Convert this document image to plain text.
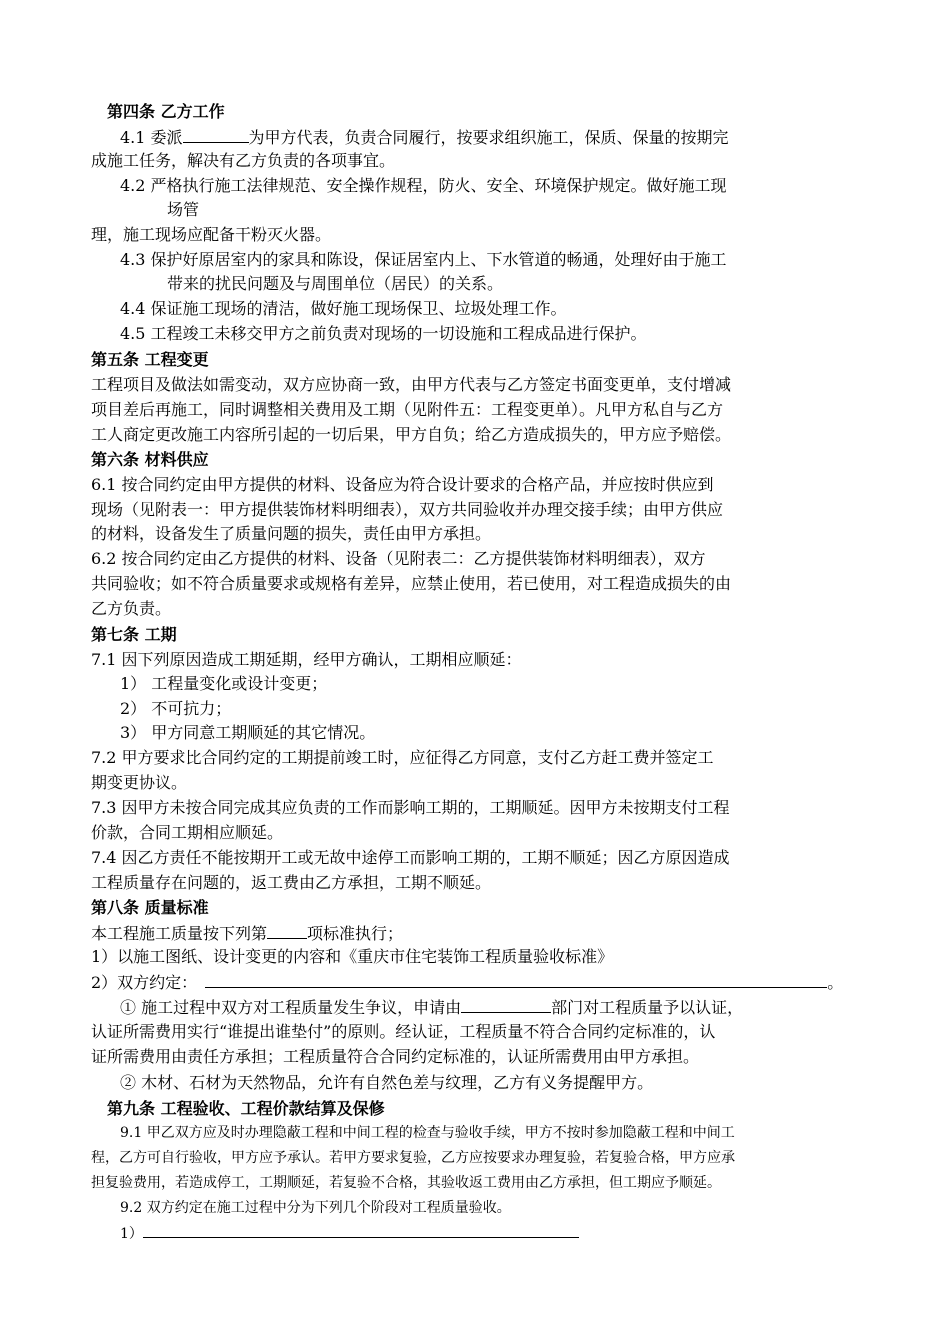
第四条 乙方工作
4.1 委派	为甲方代表，负责合同履行，按要求组织施工，保质、保量的按期完
成施工任务，解决有乙方负责的各项事宜。
4.2 严格执行施工法律规范、安全操作规程，防火、安全、环境保护规定。做好施工现
场管
理，施工现场应配备干粉灭火器。
4.3 保护好原居室内的家具和陈设，保证居室内上、下水管道的畅通，处理好由于施工
带来的扰民问题及与周围单位（居民）的关系。
4.4 保证施工现场的清洁，做好施工现场保卫、垃圾处理工作。
4.5 工程竣工未移交甲方之前负责对现场的一切设施和工程成品进行保护。
第五条 工程变更
工程项目及做法如需变动，双方应协商一致，由甲方代表与乙方签定书面变更单，支付增减
项目差后再施工，同时调整相关费用及工期（见附件五：工程变更单）。凡甲方私自与乙方
工人商定更改施工内容所引起的一切后果，甲方自负；给乙方造成损失的，甲方应予赔偿。
第六条 材料供应
6.1 按合同约定由甲方提供的材料、设备应为符合设计要求的合格产品，并应按时供应到
现场（见附表一：甲方提供装饰材料明细表），双方共同验收并办理交接手续；由甲方供应
的材料，设备发生了质量问题的损失，责任由甲方承担。
6.2 按合同约定由乙方提供的材料、设备（见附表二：乙方提供装饰材料明细表），双方
共同验收；如不符合质量要求或规格有差异，应禁止使用，若已使用，对工程造成损失的由
乙方负责。
第七条 工期
7.1 因下列原因造成工期延期，经甲方确认，工期相应顺延：
1） 工程量变化或设计变更；
2） 不可抗力；
3） 甲方同意工期顺延的其它情况。
7.2 甲方要求比合同约定的工期提前竣工时，应征得乙方同意，支付乙方赶工费并签定工
期变更协议。
7.3 因甲方未按合同完成其应负责的工作而影响工期的，工期顺延。因甲方未按期支付工程
价款，合同工期相应顺延。
7.4 因乙方责任不能按期开工或无故中途停工而影响工期的，工期不顺延；因乙方原因造成
工程质量存在问题的，返工费由乙方承担，工期不顺延。
第八条 质量标准
本工程施工质量按下列第	项标准执行；
1）以施工图纸、设计变更的内容和《重庆市住宅装饰工程质量验收标准》
2）双方约定：	。
① 施工过程中双方对工程质量发生争议，申请由	部门对工程质量予以认证，
认证所需费用实行“谁提出谁垫付”的原则。经认证，工程质量不符合合同约定标准的，认
证所需费用由责任方承担；工程质量符合合同约定标准的，认证所需费用由甲方承担。
② 木材、石材为天然物品，允许有自然色差与纹理，乙方有义务提醒甲方。
第九条 工程验收、工程价款结算及保修
9.1 甲乙双方应及时办理隐蔽工程和中间工程的检查与验收手续，甲方不按时参加隐蔽工程和中间工
程，乙方可自行验收，甲方应予承认。若甲方要求复验，乙方应按要求办理复验，若复验合格，甲方应承
担复验费用，若造成停工，工期顺延，若复验不合格，其验收返工费用由乙方承担，但工期应予顺延。
9.2 双方约定在施工过程中分为下列几个阶段对工程质量验收。
1）
